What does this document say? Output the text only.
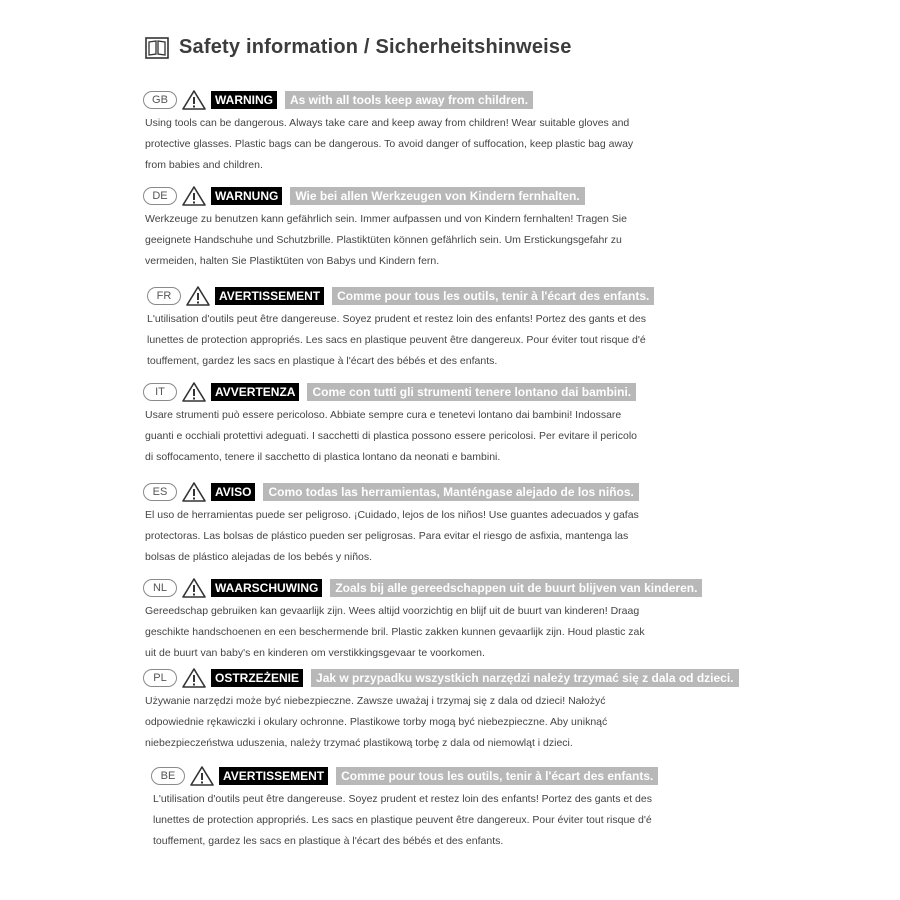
Safety information / Sicherheitshinweise
GB	WARNING	As with all tools keep away from children.
Using tools can be dangerous. Always take care and keep away from children! Wear suitable gloves and
protective glasses. Plastic bags can be dangerous. To avoid danger of suffocation, keep plastic bag away
from babies and children.
DE	WARNUNG	Wie bei allen Werkzeugen von Kindern fernhalten.
Werkzeuge zu benutzen kann gefährlich sein. Immer aufpassen und von Kindern fernhalten! Tragen Sie
geeignete Handschuhe und Schutzbrille. Plastiktüten können gefährlich sein. Um Erstickungsgefahr zu
vermeiden, halten Sie Plastiktüten von Babys und Kindern fern.
FR	AVERTISSEMENT	Comme pour tous les outils, tenir à l'écart des enfants.
L'utilisation d'outils peut être dangereuse. Soyez prudent et restez loin des enfants! Portez des gants et des
lunettes de protection appropriés. Les sacs en plastique peuvent être dangereux. Pour éviter tout risque d'é
touffement, gardez les sacs en plastique à l'écart des bébés et des enfants.
IT	AVVERTENZA	Come con tutti gli strumenti tenere lontano dai bambini.
Usare strumenti può essere pericoloso. Abbiate sempre cura e tenetevi lontano dai bambini! Indossare
guanti e occhiali protettivi adeguati. I sacchetti di plastica possono essere pericolosi. Per evitare il pericolo
di soffocamento, tenere il sacchetto di plastica lontano da neonati e bambini.
ES	AVISO	Como todas las herramientas, Manténgase alejado de los niños.
El uso de herramientas puede ser peligroso. ¡Cuidado, lejos de los niños! Use guantes adecuados y gafas
protectoras. Las bolsas de plástico pueden ser peligrosas. Para evitar el riesgo de asfixia, mantenga las
bolsas de plástico alejadas de los bebés y niños.
NL	WAARSCHUWING	Zoals bij alle gereedschappen uit de buurt blijven van kinderen.
Gereedschap gebruiken kan gevaarlijk zijn. Wees altijd voorzichtig en blijf uit de buurt van kinderen! Draag
geschikte handschoenen en een beschermende bril. Plastic zakken kunnen gevaarlijk zijn. Houd plastic zak
uit de buurt van baby's en kinderen om verstikkingsgevaar te voorkomen.
PL	OSTRZEŻENIE	Jak w przypadku wszystkich narzędzi należy trzymać się z dala od dzieci.
Używanie narzędzi może być niebezpieczne. Zawsze uważaj i trzymaj się z dala od dzieci! Nałożyć
odpowiednie rękawiczki i okulary ochronne. Plastikowe torby mogą być niebezpieczne. Aby uniknąć
niebezpieczeństwa uduszenia, należy trzymać plastikową torbę z dala od niemowląt i dzieci.
BE	AVERTISSEMENT	Comme pour tous les outils, tenir à l'écart des enfants.
L'utilisation d'outils peut être dangereuse. Soyez prudent et restez loin des enfants! Portez des gants et des
lunettes de protection appropriés. Les sacs en plastique peuvent être dangereux. Pour éviter tout risque d'é
touffement, gardez les sacs en plastique à l'écart des bébés et des enfants.
